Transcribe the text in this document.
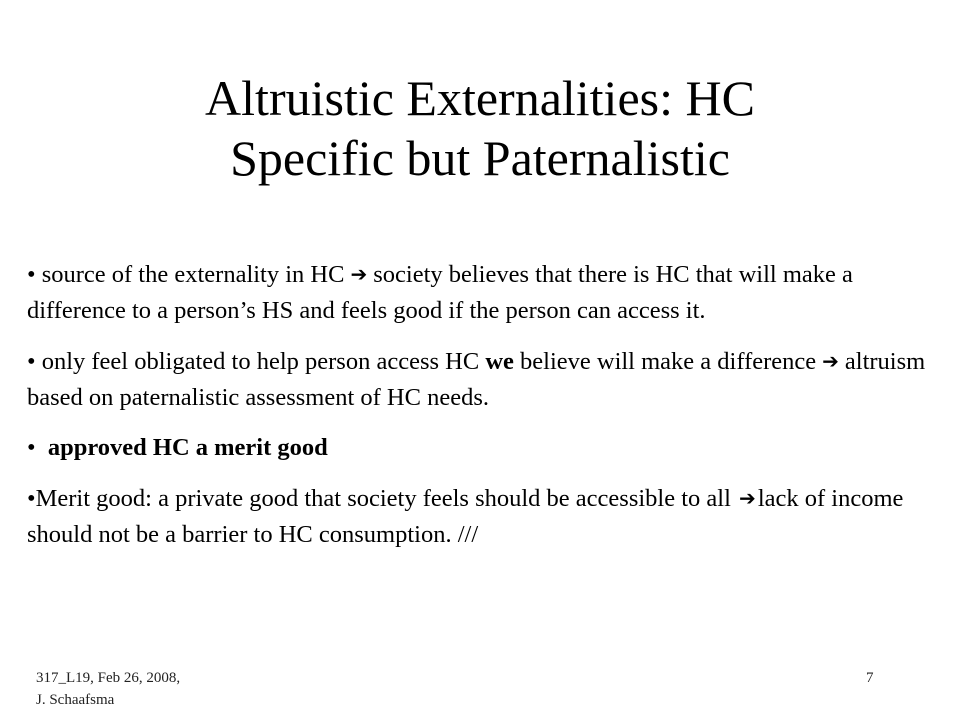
Altruistic Externalities: HC
Specific but Paternalistic

• source of the externality in HC ➔ society believes that there is HC that will make a difference to a person’s HS and feels good if the person can access it.

• only feel obligated to help person access HC we believe will make a difference ➔ altruism based on paternalistic assessment of HC needs.

• approved HC a merit good

•Merit good: a private good that society feels should be accessible to all ➔lack of income should not be a barrier to HC consumption. ///

317_L19, Feb 26, 2008,
J. Schaafsma
7
